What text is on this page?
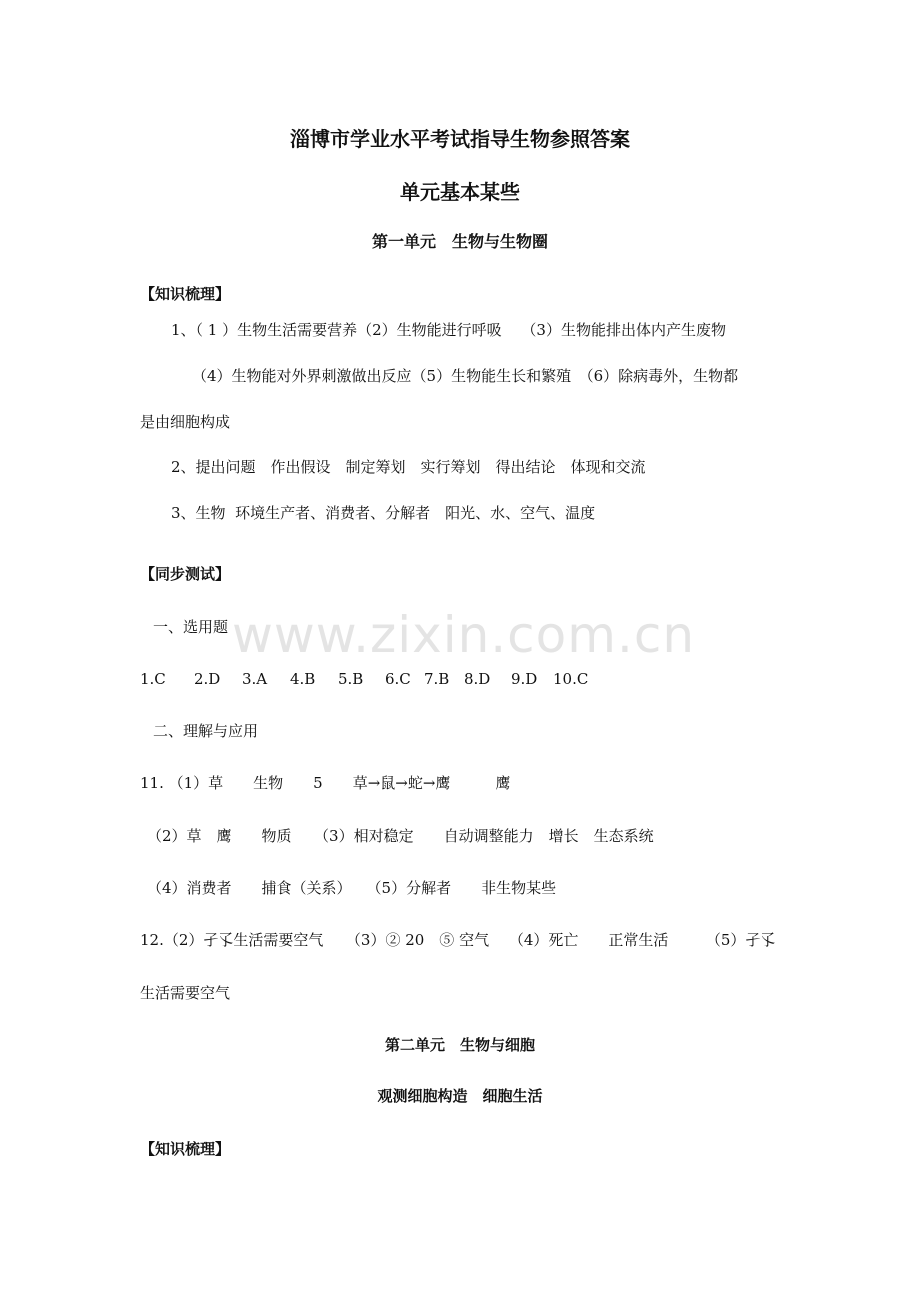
www.zixin.com.cn
淄博市学业水平考试指导生物参照答案
单元基本某些
第一单元　生物与生物圈
【知识梳理】
1、（ 1 ）生物生活需要营养（2）生物能进行呼吸　 （3）生物能排出体内产生废物
（4）生物能对外界刺激做出反应（5）生物能生长和繁殖　（6）除病毒外，生物都
是由细胞构成
2、提出问题　作出假设　制定筹划　实行筹划　得出结论　体现和交流
3、生物  环境生产者、消费者、分解者　阳光、水、空气、温度
【同步测试】
一、选用题
1.C 2.D 3.A 4.B 5.B 6.C 7.B 8.D 9.D 10.C
二、理解与应用
11. （1）草　　生物　　5　　草→鼠→蛇→鹰　　　鹰
（2）草　鹰　　物质　　（3）相对稳定　　自动调整能力　增长　生态系统
（4）消费者　　捕食（关系）　　（5）分解者　　非生物某些
12.（2）孑孓生活需要空气　　（3）② 20　⑤ 空气　 （4）死亡　　正常生活　　　（5）孑孓
生活需要空气
第二单元　生物与细胞
观测细胞构造　细胞生活
【知识梳理】
